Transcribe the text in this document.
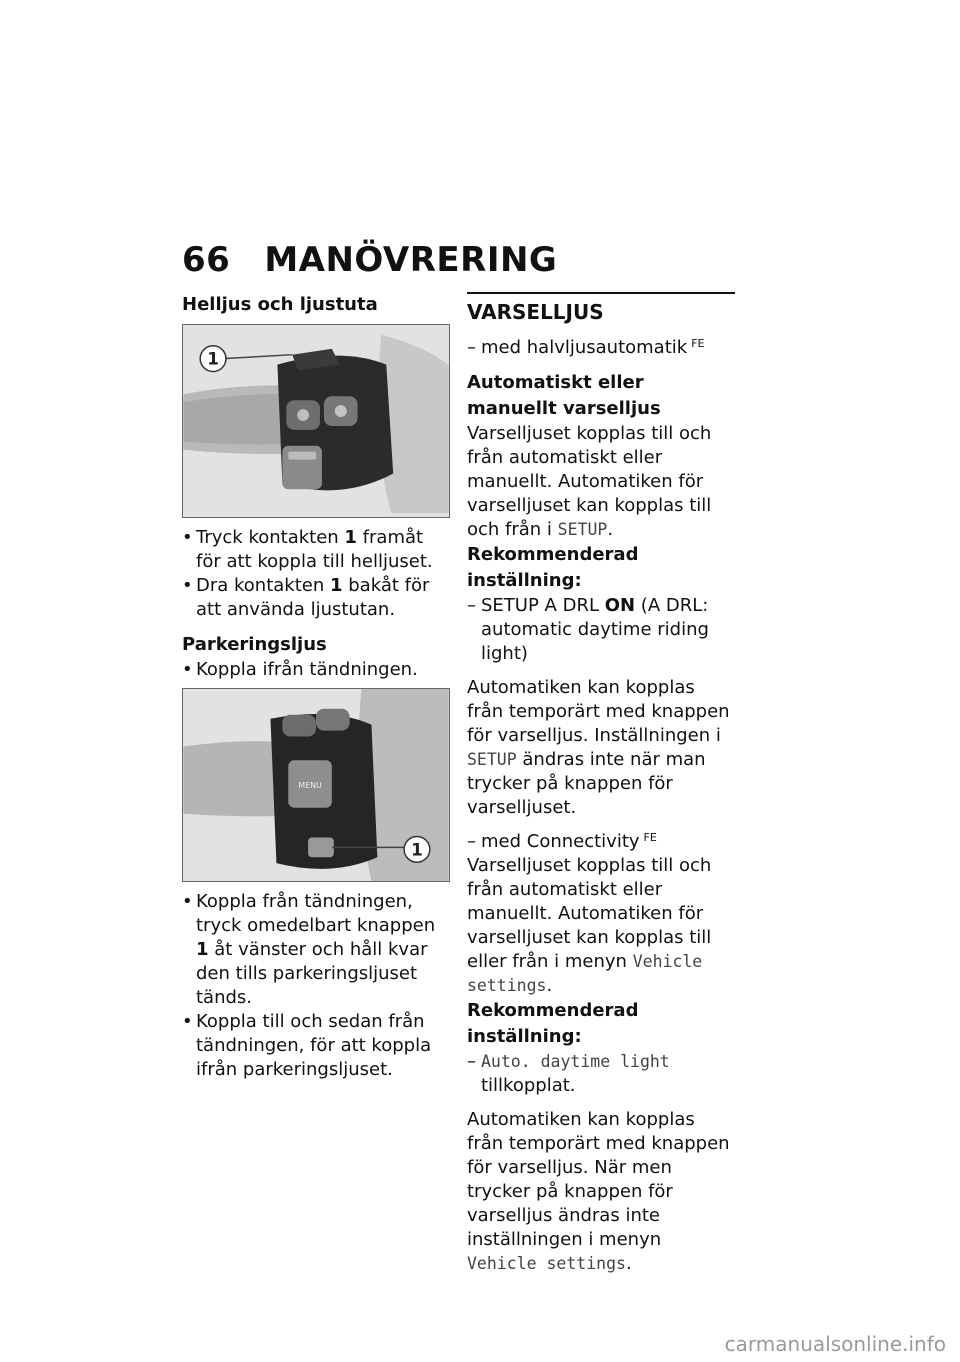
66 MANÖVRERING

Helljus och ljustuta

1

• Tryck kontakten 1 framåt för att koppla till helljuset.

• Dra kontakten 1 bakåt för att använda ljustutan.

Parkeringsljus

• Koppla ifrån tändningen.

MENU
1

• Koppla från tändningen, tryck omedelbart knappen 1 åt vänster och håll kvar den tills parkeringsljuset tänds.

• Koppla till och sedan från tändningen, för att koppla ifrån parkeringsljuset.

VARSELLJUS

– med halvljusautomatik $^{FE}$

Automatiskt eller manuellt varselljus

Varselljuset kopplas till och från automatiskt eller manuellt. Automatiken för varselljuset kan kopplas till och från i SETUP.

Rekommenderad inställning:

– SETUP A DRL ON (A DRL: automatic daytime riding light)

Automatiken kan kopplas från temporärt med knappen för varselljus. Inställningen i SETUP ändras inte när man trycker på knappen för varselljuset.

– med Connectivity $^{FE}$

Varselljuset kopplas till och från automatiskt eller manuellt. Automatiken för varselljuset kan kopplas till eller från i menyn Vehicle settings.

Rekommenderad inställning:

– Auto. daytime light tillkopplat.

Automatiken kan kopplas från temporärt med knappen för varselljus. När men trycker på knappen för varselljus ändras inte inställningen i menyn Vehicle settings.

carmanualsonline.info
